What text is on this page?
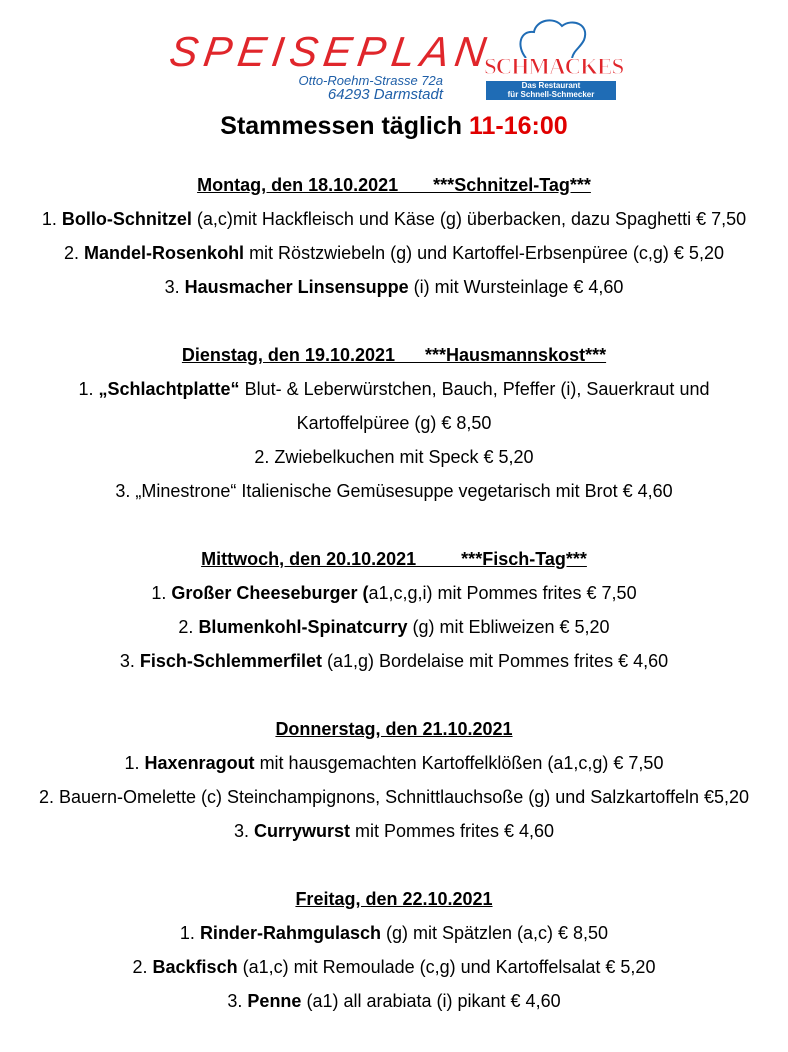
SPEISEPLAN
Otto-Roehm-Strasse 72a
64293 Darmstadt
SCHMACKES
Das Restaurant
für Schnell-Schmecker
Stammessen täglich 11-16:00
Montag, den 18.10.2021       ***Schnitzel-Tag***
1. Bollo-Schnitzel (a,c)mit Hackfleisch und Käse (g) überbacken, dazu Spaghetti € 7,50
2. Mandel-Rosenkohl mit Röstzwiebeln (g) und Kartoffel-Erbsenpüree (c,g) € 5,20
3. Hausmacher Linsensuppe (i) mit Wursteinlage € 4,60
Dienstag, den 19.10.2021      ***Hausmannskost***
1. „Schlachtplatte“ Blut- & Leberwürstchen, Bauch, Pfeffer (i), Sauerkraut und
Kartoffelpüree (g) € 8,50
2. Zwiebelkuchen mit Speck € 5,20
3. „Minestrone“ Italienische Gemüsesuppe vegetarisch mit Brot € 4,60
Mittwoch, den 20.10.2021         ***Fisch-Tag***
1. Großer Cheeseburger (a1,c,g,i) mit Pommes frites € 7,50
2. Blumenkohl-Spinatcurry (g) mit Ebliweizen € 5,20
3. Fisch-Schlemmerfilet (a1,g) Bordelaise mit Pommes frites € 4,60
Donnerstag, den 21.10.2021
1. Haxenragout mit hausgemachten Kartoffelklößen (a1,c,g) € 7,50
2. Bauern-Omelette (c) Steinchampignons, Schnittlauchsoße (g) und Salzkartoffeln €5,20
3. Currywurst mit Pommes frites € 4,60
Freitag, den 22.10.2021
1. Rinder-Rahmgulasch (g) mit Spätzlen (a,c) € 8,50
2. Backfisch (a1,c) mit Remoulade (c,g) und Kartoffelsalat € 5,20
3. Penne (a1) all arabiata (i) pikant € 4,60
